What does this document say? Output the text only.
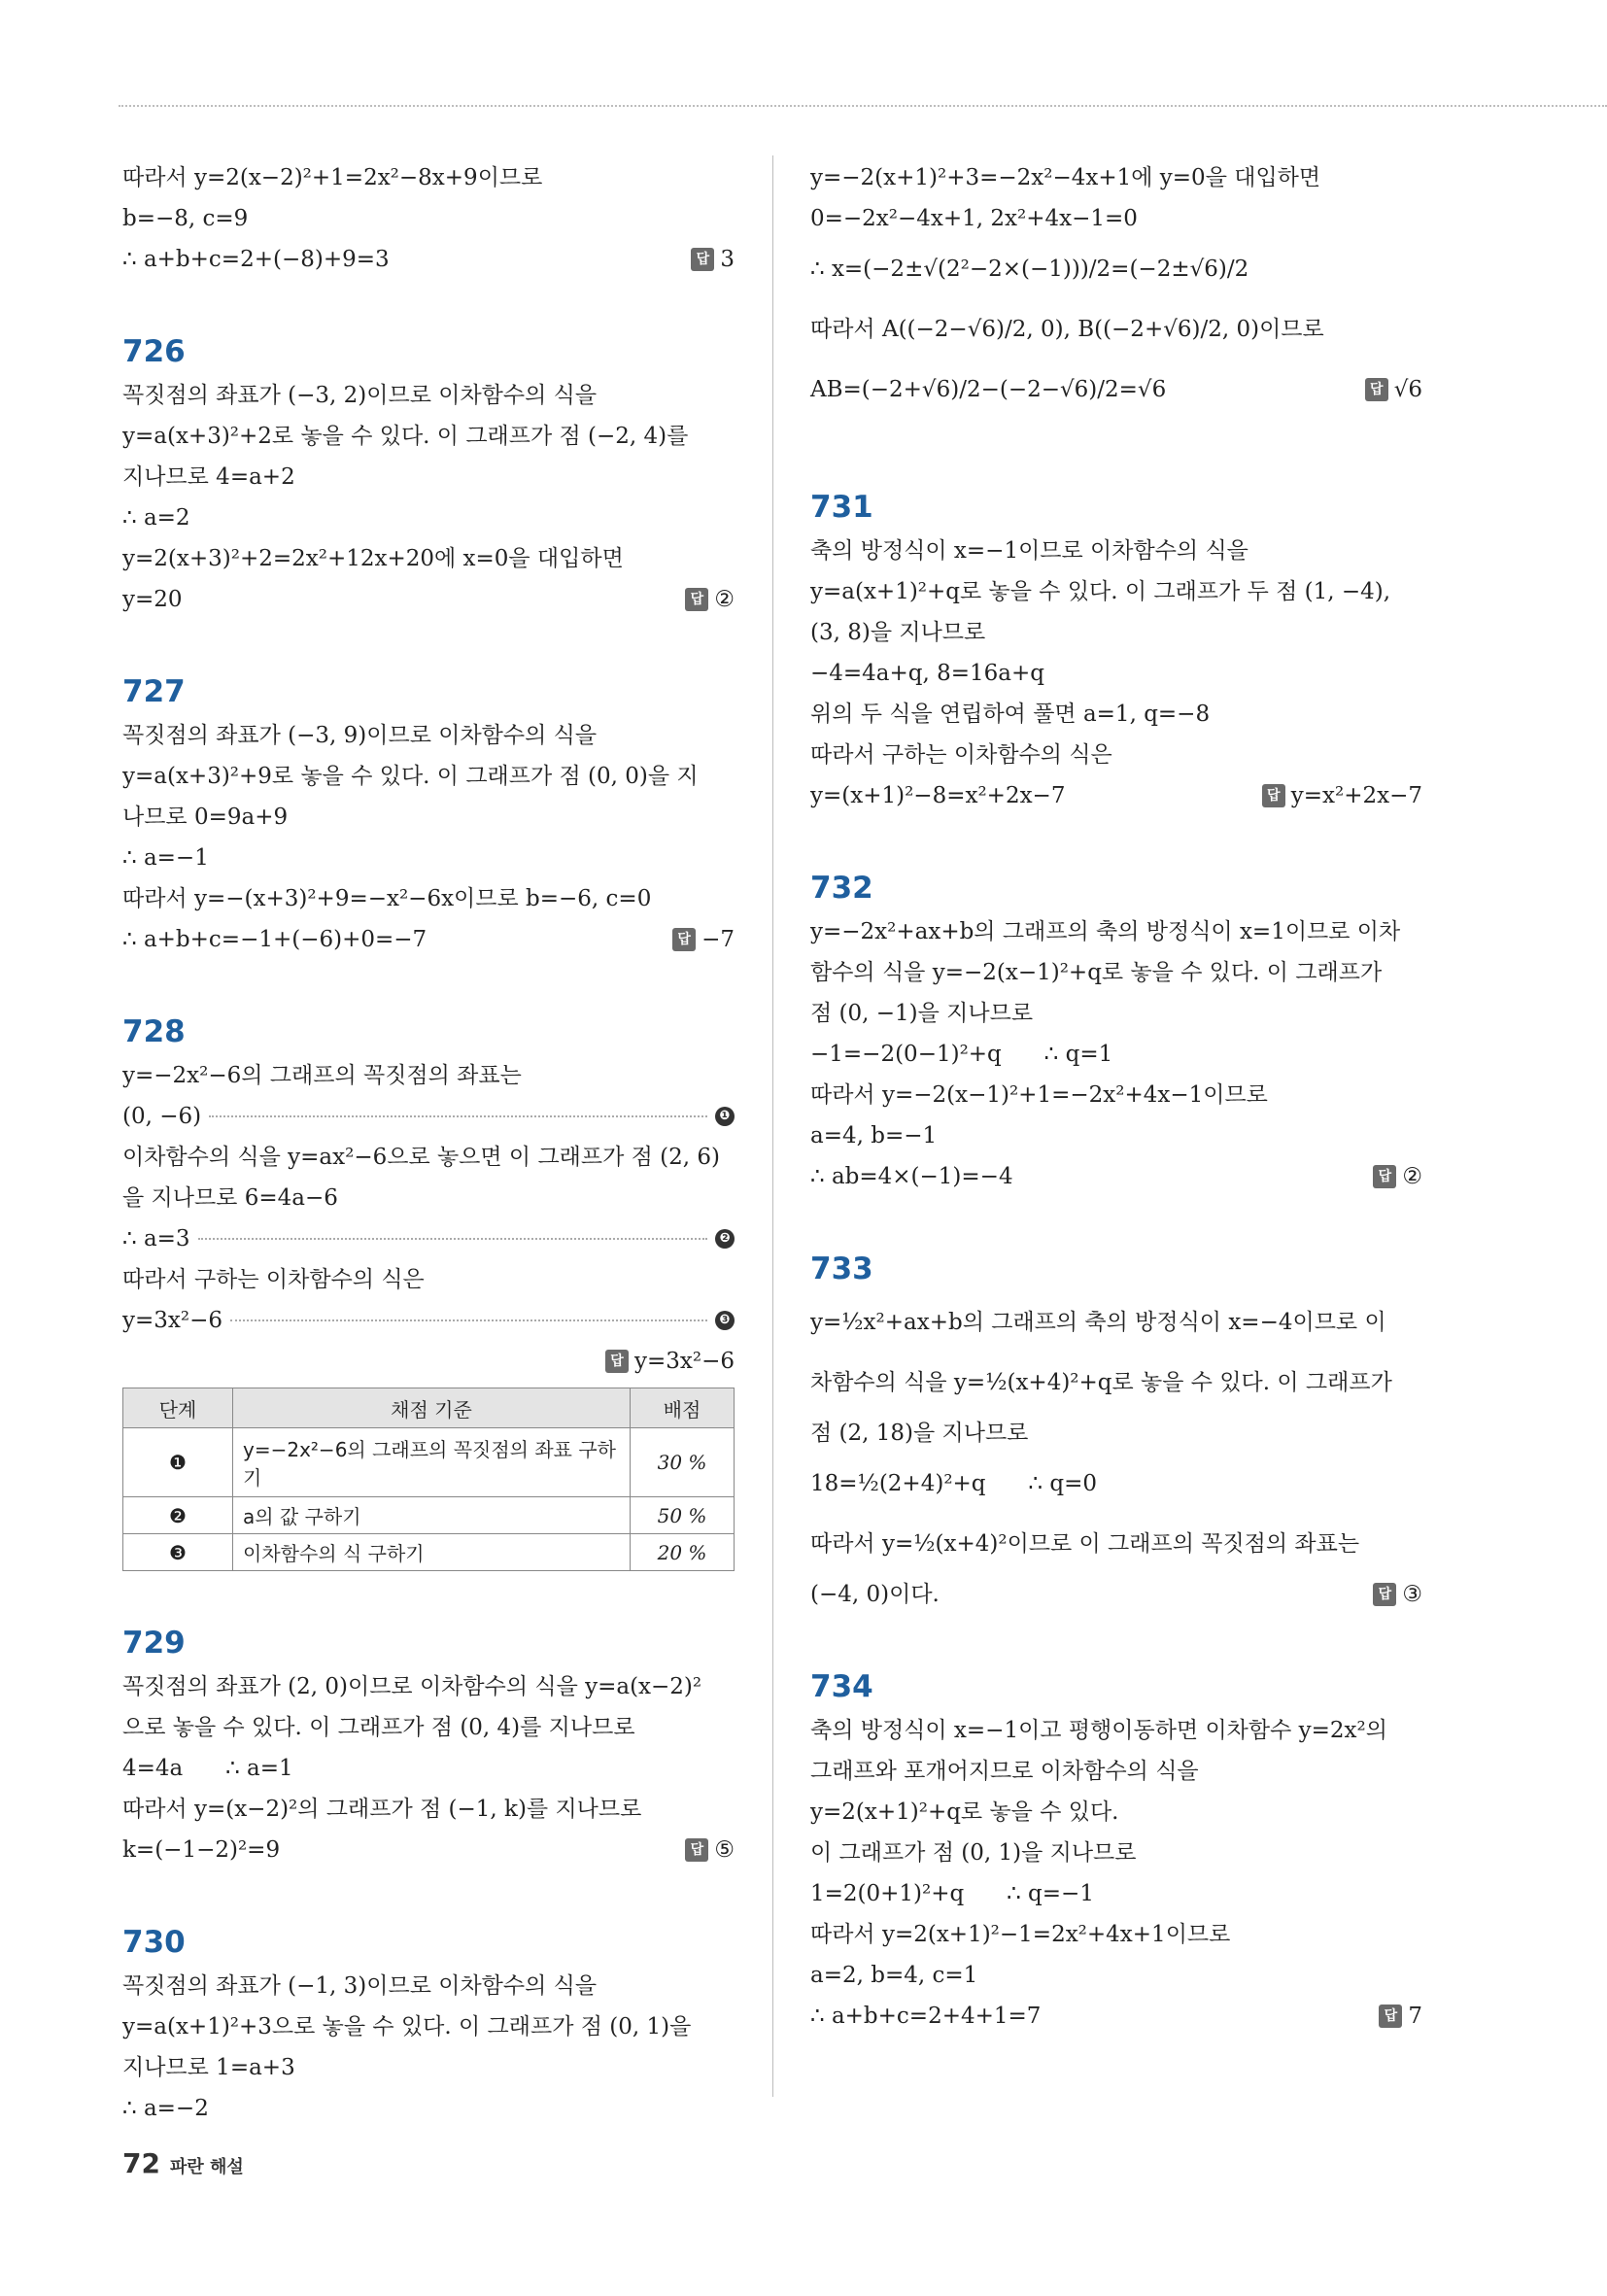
따라서 y=2(x−2)²+1=2x²−8x+9이므로
b=−8, c=9
∴ a+b+c=2+(−8)+9=3	답 3
726
꼭짓점의 좌표가 (−3, 2)이므로 이차함수의 식을
y=a(x+3)²+2로 놓을 수 있다. 이 그래프가 점 (−2, 4)를
지나므로 4=a+2
∴ a=2
y=2(x+3)²+2=2x²+12x+20에 x=0을 대입하면
y=20	답 ②
727
꼭짓점의 좌표가 (−3, 9)이므로 이차함수의 식을
y=a(x+3)²+9로 놓을 수 있다. 이 그래프가 점 (0, 0)을 지
나므로 0=9a+9
∴ a=−1
따라서 y=−(x+3)²+9=−x²−6x이므로 b=−6, c=0
∴ a+b+c=−1+(−6)+0=−7	답 −7
728
y=−2x²−6의 그래프의 꼭짓점의 좌표는
(0, −6)	❶
이차함수의 식을 y=ax²−6으로 놓으면 이 그래프가 점 (2, 6)
을 지나므로 6=4a−6
∴ a=3	❷
따라서 구하는 이차함수의 식은
y=3x²−6	❸
답 y=3x²−6
단계	채점 기준	배점
❶	y=−2x²−6의 그래프의 꼭짓점의 좌표 구하기	30 %
❷	a의 값 구하기	50 %
❸	이차함수의 식 구하기	20 %
729
꼭짓점의 좌표가 (2, 0)이므로 이차함수의 식을 y=a(x−2)²
으로 놓을 수 있다. 이 그래프가 점 (0, 4)를 지나므로
4=4a      ∴ a=1
따라서 y=(x−2)²의 그래프가 점 (−1, k)를 지나므로
k=(−1−2)²=9	답 ⑤
730
꼭짓점의 좌표가 (−1, 3)이므로 이차함수의 식을
y=a(x+1)²+3으로 놓을 수 있다. 이 그래프가 점 (0, 1)을
지나므로 1=a+3
∴ a=−2
y=−2(x+1)²+3=−2x²−4x+1에 y=0을 대입하면
0=−2x²−4x+1, 2x²+4x−1=0
∴ x=(−2±√(2²−2×(−1)))/2=(−2±√6)/2
따라서 A((−2−√6)/2, 0), B((−2+√6)/2, 0)이므로
AB=(−2+√6)/2−(−2−√6)/2=√6	답 √6
731
축의 방정식이 x=−1이므로 이차함수의 식을
y=a(x+1)²+q로 놓을 수 있다. 이 그래프가 두 점 (1, −4),
(3, 8)을 지나므로
−4=4a+q, 8=16a+q
위의 두 식을 연립하여 풀면 a=1, q=−8
따라서 구하는 이차함수의 식은
y=(x+1)²−8=x²+2x−7	답 y=x²+2x−7
732
y=−2x²+ax+b의 그래프의 축의 방정식이 x=1이므로 이차
함수의 식을 y=−2(x−1)²+q로 놓을 수 있다. 이 그래프가
점 (0, −1)을 지나므로
−1=−2(0−1)²+q      ∴ q=1
따라서 y=−2(x−1)²+1=−2x²+4x−1이므로
a=4, b=−1
∴ ab=4×(−1)=−4	답 ②
733
y=½x²+ax+b의 그래프의 축의 방정식이 x=−4이므로 이
차함수의 식을 y=½(x+4)²+q로 놓을 수 있다. 이 그래프가
점 (2, 18)을 지나므로
18=½(2+4)²+q      ∴ q=0
따라서 y=½(x+4)²이므로 이 그래프의 꼭짓점의 좌표는
(−4, 0)이다.	답 ③
734
축의 방정식이 x=−1이고 평행이동하면 이차함수 y=2x²의
그래프와 포개어지므로 이차함수의 식을
y=2(x+1)²+q로 놓을 수 있다.
이 그래프가 점 (0, 1)을 지나므로
1=2(0+1)²+q      ∴ q=−1
따라서 y=2(x+1)²−1=2x²+4x+1이므로
a=2, b=4, c=1
∴ a+b+c=2+4+1=7	답 7
72 파란 해설
